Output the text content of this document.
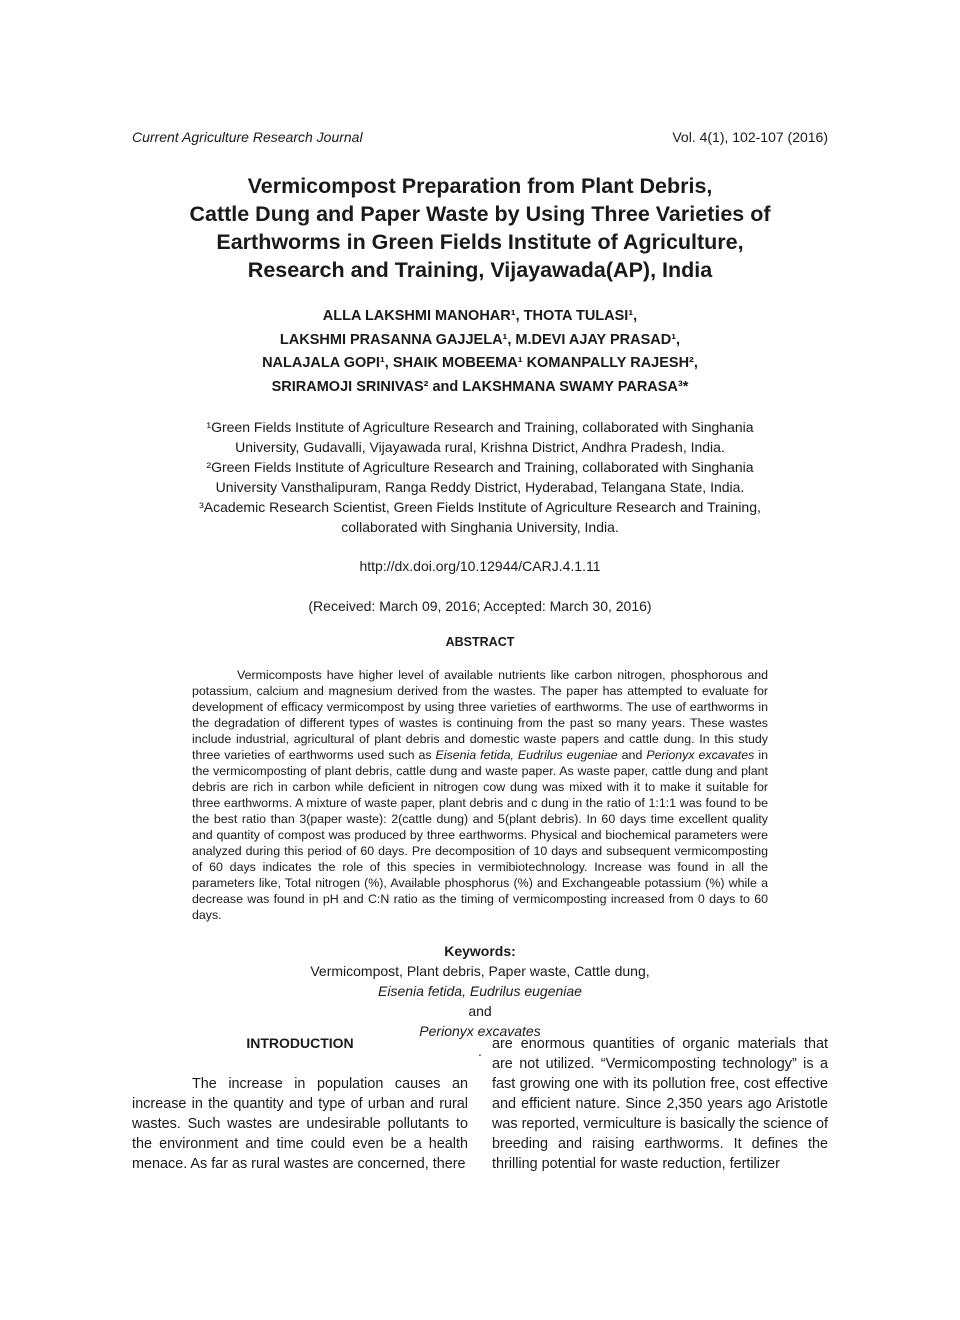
Current Agriculture Research Journal	Vol. 4(1), 102-107 (2016)
Vermicompost Preparation from Plant Debris,
Cattle Dung and Paper Waste by Using Three Varieties of
Earthworms in Green Fields Institute of Agriculture,
Research and Training, Vijayawada(AP), India
ALLA LAKSHMI MANOHAR¹, THOTA TULASI¹,
LAKSHMI PRASANNA GAJJELA¹, M.DEVI AJAY PRASAD¹,
NALAJALA GOPI¹, SHAIK MOBEEMA¹ KOMANPALLY RAJESH²,
SRIRAMOJI SRINIVAS² and LAKSHMANA SWAMY PARASA³*
¹Green Fields Institute of Agriculture Research and Training, collaborated with Singhania
University, Gudavalli, Vijayawada rural, Krishna District, Andhra Pradesh, India.
²Green Fields Institute of Agriculture Research and Training, collaborated with Singhania
University Vansthalipuram, Ranga Reddy District, Hyderabad, Telangana State, India.
³Academic Research Scientist, Green Fields Institute of Agriculture Research and Training,
collaborated with Singhania University, India.
http://dx.doi.org/10.12944/CARJ.4.1.11
(Received: March 09, 2016; Accepted: March 30, 2016)
ABSTRACT

Vermicomposts have higher level of available nutrients like carbon nitrogen, phosphorous and potassium, calcium and magnesium derived from the wastes. The paper has attempted to evaluate for development of efficacy vermicompost by using three varieties of earthworms. The use of earthworms in the degradation of different types of wastes is continuing from the past so many years. These wastes include industrial, agricultural of plant debris and domestic waste papers and cattle dung. In this study three varieties of earthworms used such as Eisenia fetida, Eudrilus eugeniae and Perionyx excavates in the vermicomposting of plant debris, cattle dung and waste paper. As waste paper, cattle dung and plant debris are rich in carbon while deficient in nitrogen cow dung was mixed with it to make it suitable for three earthworms. A mixture of waste paper, plant debris and c dung in the ratio of 1:1:1 was found to be the best ratio than 3(paper waste): 2(cattle dung) and 5(plant debris). In 60 days time excellent quality and quantity of compost was produced by three earthworms. Physical and biochemical parameters were analyzed during this period of 60 days. Pre decomposition of 10 days and subsequent vermicomposting of 60 days indicates the role of this species in vermibiotechnology. Increase was found in all the parameters like, Total nitrogen (%), Available phosphorus (%) and Exchangeable potassium (%) while a decrease was found in pH and C:N ratio as the timing of vermicomposting increased from 0 days to 60 days.

Keywords:
Vermicompost, Plant debris, Paper waste, Cattle dung,
Eisenia fetida, Eudrilus eugeniae
and
Perionyx excavates
.
INTRODUCTION

The increase in population causes an increase in the quantity and type of urban and rural wastes. Such wastes are undesirable pollutants to the environment and time could even be a health menace. As far as rural wastes are concerned, there

are enormous quantities of organic materials that are not utilized. “Vermicomposting technology” is a fast growing one with its pollution free, cost effective and efficient nature. Since 2,350 years ago Aristotle was reported, vermiculture is basically the science of breeding and raising earthworms. It defines the thrilling potential for waste reduction, fertilizer
